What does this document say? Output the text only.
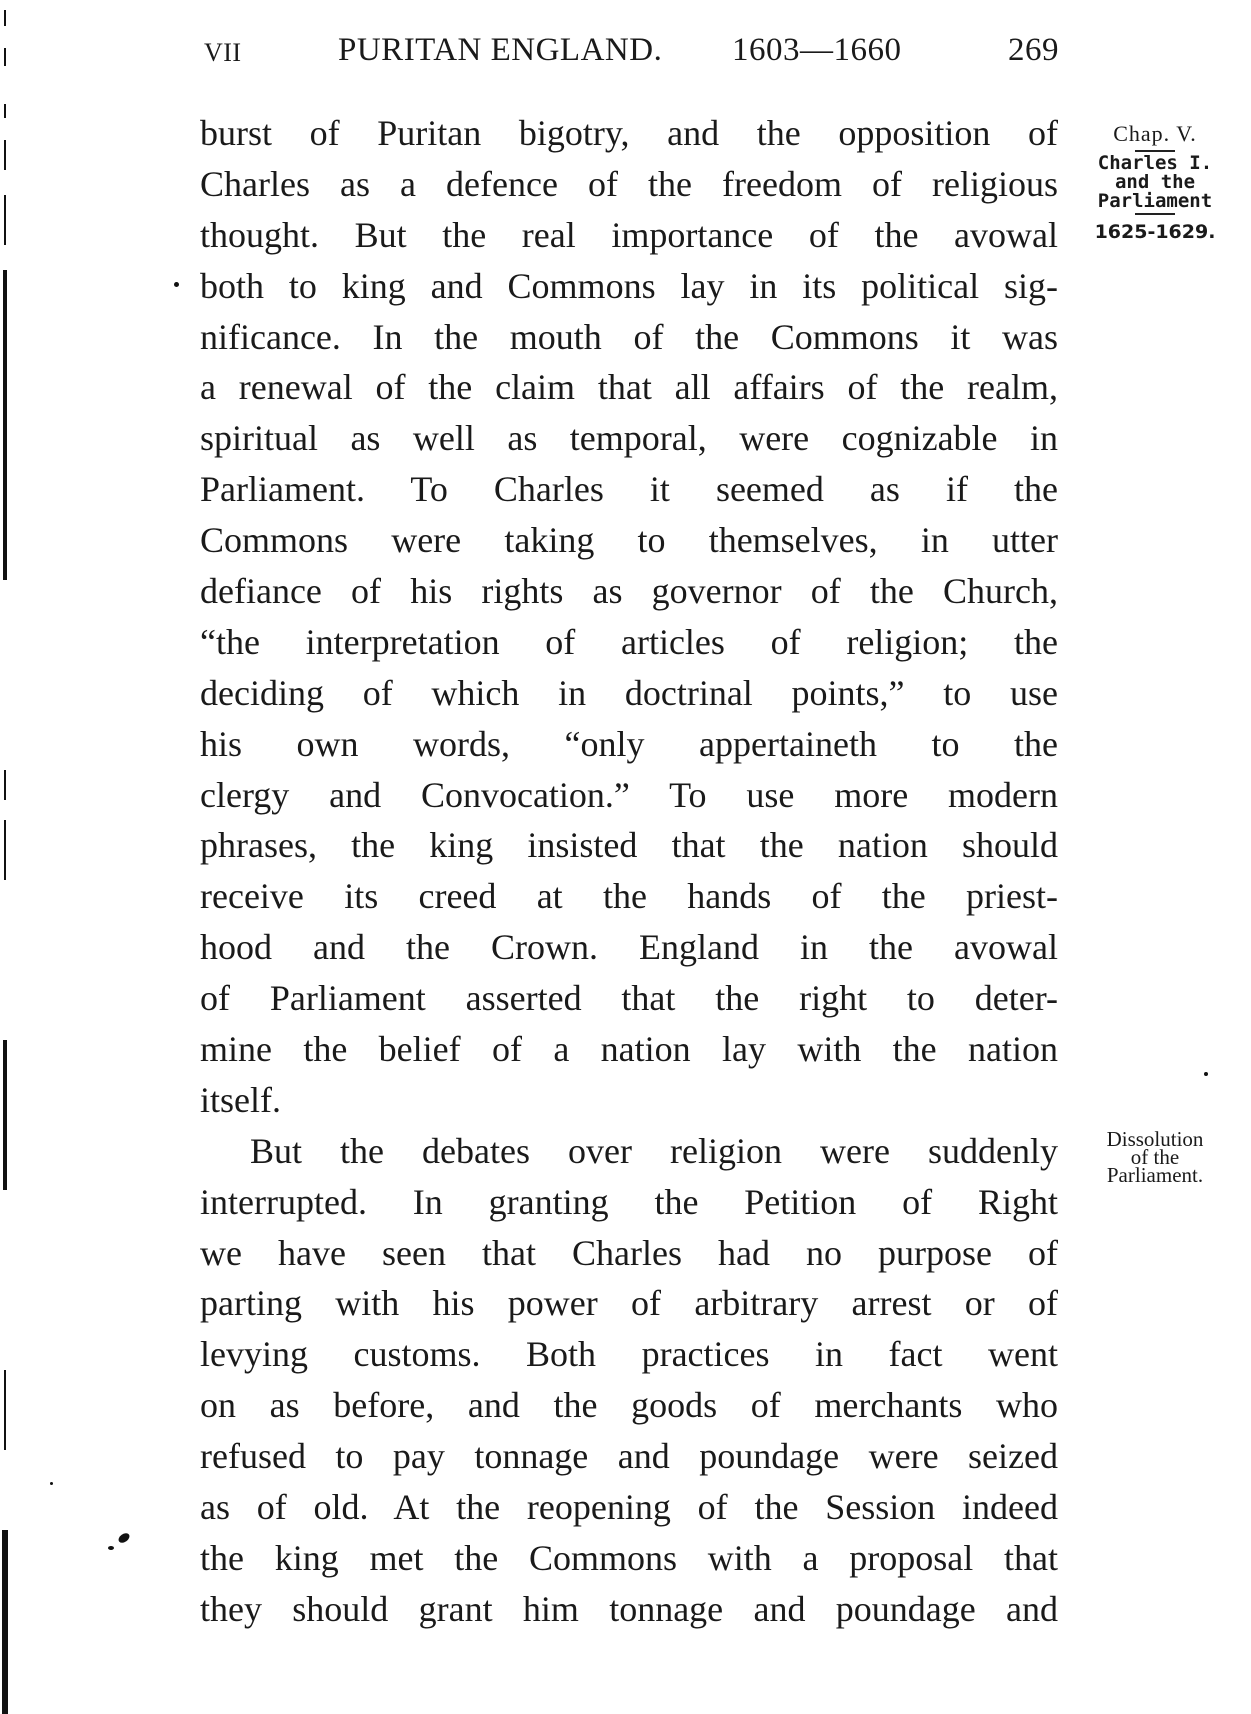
VII	PURITAN ENGLAND. 1603—1660	269
burst of Puritan bigotry, and the opposition of
Charles as a defence of the freedom of religious
thought. But the real importance of the avowal
both to king and Commons lay in its political sig-
nificance. In the mouth of the Commons it was
a renewal of the claim that all affairs of the realm,
spiritual as well as temporal, were cognizable in
Parliament. To Charles it seemed as if the
Commons were taking to themselves, in utter
defiance of his rights as governor of the Church,
“the interpretation of articles of religion; the
deciding of which in doctrinal points,” to use
his own words, “only appertaineth to the
clergy and Convocation.” To use more modern
phrases, the king insisted that the nation should
receive its creed at the hands of the priest-
hood and the Crown. England in the avowal
of Parliament asserted that the right to deter-
mine the belief of a nation lay with the nation
itself.
But the debates over religion were suddenly
interrupted. In granting the Petition of Right
we have seen that Charles had no purpose of
parting with his power of arbitrary arrest or of
levying customs. Both practices in fact went
on as before, and the goods of merchants who
refused to pay tonnage and poundage were seized
as of old. At the reopening of the Session indeed
the king met the Commons with a proposal that
they should grant him tonnage and poundage and
Chap. V.
Charles I.
and the
Parliament
1625-1629.
Dissolution
of the
Parliament.
